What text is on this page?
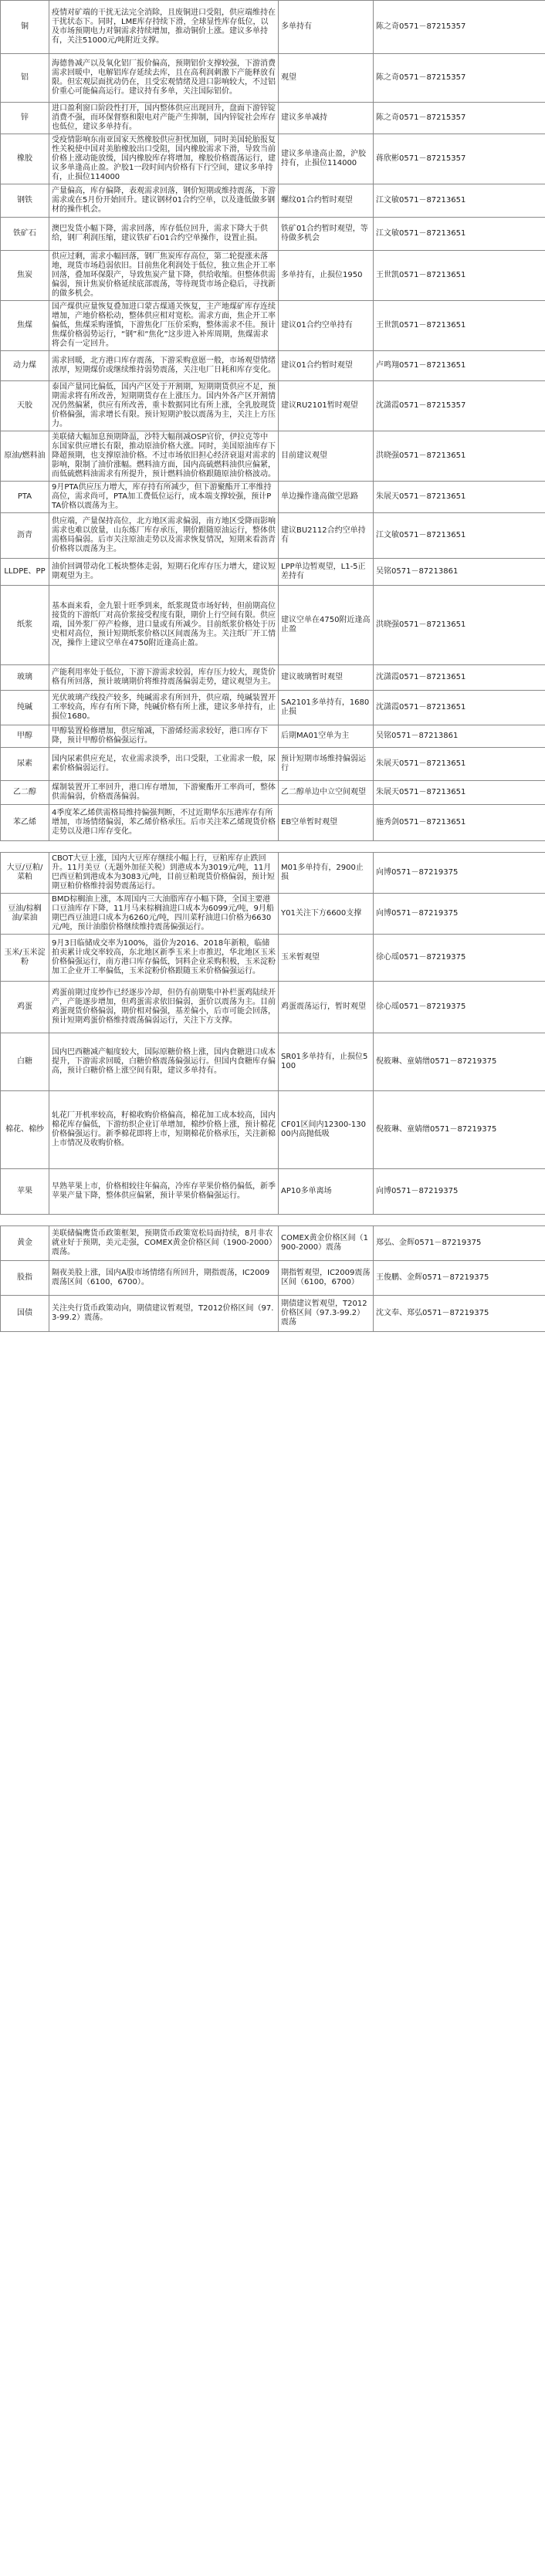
铜	疫情对矿端的干扰无法完全消除，且废铜进口受阻，供应端维持在干扰状态下。同时，LME库存持续下滑，全球显性库存低位，以及市场预期电力对铜需求持续增加，推动铜价上涨。建议多单持有，关注51000元/吨附近支撑。	多单持有	陈之奇0571－87215357
铝	海德鲁减产以及氧化铝厂报价偏高，预期铝价支撑较强，下游消费需求回暖中，电解铝库存延续去库，且在高利润刺激下产能释放有限。但宏观层面扰动仍在，且受宏观情绪及进口影响较大，不过铝价重心可能偏高运行。建议持有多单，关注国际铝价。	观望	陈之奇0571－87215357
锌	进口盈利窗口阶段性打开，国内整体供应出现回升，盘面下游锌锭消费不强，而环保督察和限电对产能产生抑制，国内锌锭社会库存也低位，建议多单持有。	建议多单减持	陈之奇0571－87215357
橡胶	受疫情影响东南亚国家天然橡胶供应担忧加剧，同时美国轮胎报复性关税使中国对美胎橡胶出口受阻，国内橡胶需求下滑，导致当前价格上涨动能放缓，国内橡胶库存将增加，橡胶价格震荡运行，建议多单逢高止盈。沪胶1一段时间内价格有下行空间，建议多单持有，止损位114000	建议多单逢高止盈，沪胶持有，止损位114000	蒋欣彬0571－87215357
钢铁	产量偏高，库存偏降，表观需求回落，钢价短期或维持震荡，下游需求或在5月份开始回升。建议钢材01合约空单，以及逢低做多钢材的操作机会。	螺纹01合约暂时观望	江文敏0571－87213651
铁矿石	澳巴发货小幅下降，需求回落，库存低位回升，需求下降大于供给，钢厂利润压缩，建议铁矿石01合约空单操作，设置止损。	铁矿01合约暂时观望，等待做多机会	江文敏0571－87213651
焦炭	供应过剩，需求小幅回落，钢厂焦炭库存高位，第二轮提涨未落地，现货市场趋弱依旧。目前焦化利润处于低位，独立焦企开工率回落，叠加环保限产，导致焦炭产量下降，供给收缩。但整体供需偏弱，预计焦炭价格延续底部震荡，等待现货市场企稳后，寻找新的做多机会。	多单持有，止损位1950	王世凯0571－87213651
焦煤	国产煤供应量恢复叠加进口蒙古煤通关恢复，主产地煤矿库存连续增加，产地价格松动，整体供应相对宽松。需求方面，焦企开工率偏低，焦煤采购谨慎，下游焦化厂压价采购，整体需求不佳。预计焦煤价格弱势运行，“钢”和“焦化”这步进入补库周期，焦煤需求将会有一定回升。	建议01合约空单持有	王世凯0571－87213651
动力煤	需求回暖，北方港口库存震荡，下游采购意愿一般，市场观望情绪浓厚，短期煤价或继续维持弱势震荡，关注电厂日耗和库存变化。	建议01合约暂时观望	卢鸣翔0571－87213651
天胶	泰国产量同比偏低，国内产区处于开割期，短期期货供应不足，预期需求将有所改善，短期期货存在上涨压力。国内外各产区开割情况仍然偏紧，供应有所改善，重卡数据同比有所上涨，全乳胶现货价格偏强，需求增长有限。预计短期沪胶以震荡为主，关注上方压力。	建议RU2101暂时观望	沈潇霞0571－87215357
原油/燃料油	美联储大幅加息预期降温，沙特大幅削减OSP官价，伊拉克等中东国家供应增长有限，推动原油价格大涨。同时，美国原油库存下降超预期，也支撑原油价格。不过市场依旧担心经济衰退对需求的影响，限制了油价涨幅。燃料油方面，国内高硫燃料油供应偏紧，而低硫燃料油需求有所提升，预计燃料油价格跟随原油价格波动。	目前建议观望	洪晓强0571－87213651
PTA	9月PTA供应压力增大，库存持有所减少，但下游聚酯开工率维持高位，需求尚可，PTA加工费低位运行，成本端支撑较强，预计PTA价格以震荡为主。	单边操作逢高做空思路	朱展天0571－87213651
沥青	供应端，产量保持高位，北方地区需求偏弱，南方地区受降雨影响需求也难以放量，山东炼厂库存承压，期价跟随原油运行，整体供需格局偏弱。后市关注原油走势以及需求恢复情况，短期来看沥青价格将以震荡为主。	建议BU2112合约空单持有	江文敏0571－87213651
LLDPE、PP	油价回调带动化工板块整体走弱，短期石化库存压力增大，建议短期观望为主。	LPP单边暂观望，L1-5正差持有	吴铭0571－87213861
纸浆	基本面来看，金九银十旺季到来，纸浆现货市场好转，但前期高位接货的下游纸厂对高价浆接受程度有限，期价上行空间有限。供应端，国外浆厂停产检修，进口量或有所减少。目前纸浆价格处于历史相对高位，预计短期纸浆价格以区间震荡为主。关注纸厂开工情况，操作上建议空单在4750附近逢高止盈。	建议空单在4750附近逢高止盈	洪晓强0571－87213651
玻璃	产能利用率处于低位，下游下游需求较弱，库存压力较大，现货价格有所回落，预计玻璃期价将维持震荡偏弱走势，建议观望为主。	建议玻璃暂时观望	沈潇霞0571－87213651
纯碱	光伏玻璃产线投产较多，纯碱需求有所回升，供应端，纯碱装置开工率较高，库存有所下降，纯碱价格有所上涨，建议多单持有，止损位1680。	SA2101多单持有，1680止损	沈潇霞0571－87213651
甲醇	甲醇装置检修增加，供应缩减，下游烯烃需求较好，港口库存下降，预计甲醇价格偏强运行。	后期MA01空单为主	吴铭0571－87213861
尿素	国内尿素供应充足，农业需求淡季，出口受限，工业需求一般，尿素价格偏弱运行。	预计短期市场维持偏弱运行	朱展天0571－87213651
乙二醇	煤制装置开工率回升，港口库存增加，下游聚酯开工率尚可，整体供需偏弱，价格震荡偏弱。	乙二醇单边中立空间观望	朱展天0571－87213651
苯乙烯	4季度苯乙烯供需格局维持偏强判断，不过近期华东压港库存有所增加，市场情绪偏弱，苯乙烯价格承压。后市关注苯乙烯现货价格走势以及港口库存变化。	EB空单暂时观望	施秀剑0571－87213651

大豆/豆粕/菜粕	CBOT大豆上涨，国内大豆库存继续小幅上行，豆粕库存止跌回升。11月美豆（无题外加征关税）到港成本为3019元/吨，11月巴西豆粕到港成本为3083元/吨，目前豆粕现货价格偏弱，预计短期豆粕价格维持弱势震荡运行。	M01多单持有，2900止损	向博0571－87219375
豆油/棕榈油/菜油	BMD棕榈油上涨，本周国内三大油脂库存小幅下降，全国主要港口豆油库存下降，11月马来棕榈油进口成本为6099元/吨，9月船期巴西豆油进口成本为6260元/吨，四川菜籽油进口价格为6630元/吨，预计油脂价格继续维持震荡偏强运行。	Y01关注下方6600支撑	向博0571－87219375
玉米/玉米淀粉	9月3日临储成交率为100%，溢价为2016、2018年新粮，临储拍卖累计成交率较高，东北地区新季玉米上市推迟，华北地区玉米价格偏强运行，南方港口库存偏低，饲料企业采购积极，玉米淀粉加工企业开工率偏低，玉米淀粉价格跟随玉米价格偏强运行。	玉米暂观望	徐心瑶0571－87219375
鸡蛋	鸡蛋前期过度炒作已经逐步冷却，但仍有前期集中补栏蛋鸡陆续开产，产能逐步增加，但鸡蛋需求依旧偏弱，蛋价以震荡为主。目前鸡蛋现货价格偏弱，期价相对偏强，基差偏小，后市可能会回落，预计短期鸡蛋价格维持震荡偏弱运行，关注下方支撑。	鸡蛋震荡运行，暂时观望	徐心瑶0571－87219375
白糖	国内巴西糖减产幅度较大，国际原糖价格上涨，国内食糖进口成本提升，下游需求回暖，白糖价格震荡偏强运行。但国内食糖库存偏高，预计白糖价格上涨空间有限，建议多单持有。	SR01多单持有，止损位5100	倪筱琳、童婧缯0571－87219375
棉花、棉纱	轧花厂开机率较高，籽棉收购价格偏高，棉花加工成本较高，国内棉花库存偏低，下游纺织企业订单增加，棉纱价格上涨，预计棉花价格偏强运行。新季棉花即将上市，短期棉花价格承压，关注新棉上市情况及收购价格。	CF01区间内12300-13000内高抛低吸	倪筱琳、童婧缯0571－87219375
苹果	早熟苹果上市，价格相较往年偏高，冷库存苹果价格仍偏低，新季苹果产量下降，整体供应偏紧，预计苹果价格偏强运行。	AP10多单离场	向博0571－87219375

黄金	美联储偏鹰货币政策框架，预期货币政策宽松局面持续，8月非农就业好于预期，美元走强，COMEX黄金价格区间（1900-2000）震荡。	COMEX黄金价格区间（1900-2000）震荡	郑弘、金辉0571－87219375
股指	隔夜美股上涨，国内A股市场情绪有所回升，期指震荡，IC2009震荡区间（6100，6700）。	期指暂观望，IC2009震荡区间（6100，6700）	王俊鹏、金辉0571－87219375
国债	关注央行货币政策动向，期债建议暂观望，T2012价格区间（97.3-99.2）震荡。	期债建议暂观望，T2012价格区间（97.3-99.2）震荡	沈文奉、郑弘0571－87219375
